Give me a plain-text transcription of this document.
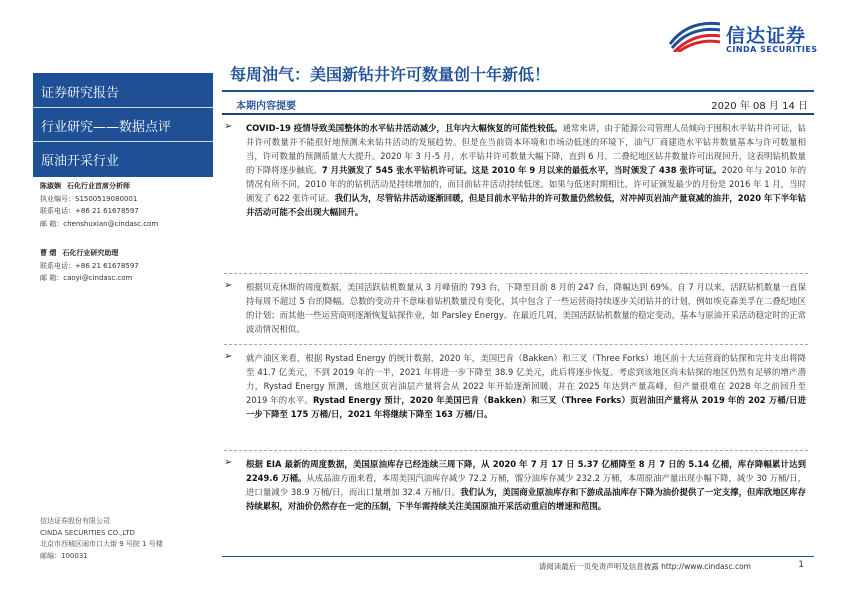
信达证券
CINDA SECURITIES
证券研究报告
行业研究——数据点评
原油开采行业
陈淑娴 石化行业首席分析师
执业编号：S1500519080001
联系电话：+86 21 61678597
邮 箱：chenshuxian@cindasc.com
曹 熠 石化行业研究助理
联系电话：+86 21 61678597
邮 箱：caoyi@cindasc.com
信达证券股份有限公司
CINDA SECURITIES CO.,LTD
北京市西城区闹市口大街 9 号院 1 号楼
邮编：100031
每周油气：美国新钻井许可数量创十年新低！
本期内容提要	2020 年 08 月 14 日
➢ COVID-19 疫情导致美国整体的水平钻井活动减少，且年内大幅恢复的可能性较低。通常来讲，由于能源公司管理人员倾向于囤积水平钻井许可证，钻井许可数量并不能很好地预测未来钻井活动的发展趋势。但是在当前资本环境和市场动低迷的环境下，油气厂商建造水平钻井数量基本与许可数量相当，许可数量的预测质量大大提升。2020 年 3 月-5 月，水平钻井许可数量大幅下降，直到 6 月，二叠纪地区钻井数量许可出现回升，这表明钻机数量的下降将逐步触底。7 月共颁发了 545 张水平钻机许可证。这是 2010 年 9 月以来的最低水平，当时颁发了 438 张许可证。2020 年与 2010 年的情况有所不同，2010 年的的钻机活动是持续增加的，而目前钻井活动持续低迷。如果与低迷时期相比，许可证颁发最少的月份是 2016 年 1 月，当时颁发了 622 张许可证。我们认为，尽管钻井活动逐渐回暖，但是目前水平钻井的许可数量仍然较低，对冲掉页岩油产量衰减的油井，2020 年下半年钻井活动可能不会出现大幅回升。
➢ 根据贝克休斯的周度数据，美国活跃钻机数量从 3 月峰值的 793 台，下降至目前 8 月的 247 台，降幅达到 69%。自 7 月以来，活跃钻机数量一直保持每周不超过 5 台的降幅。总数的变动并不意味着钻机数量没有变化，其中包含了一些运营商持续逐步关闭钻井的计划，例如埃克森美孚在二叠纪地区的计划；而其他一些运营商则逐渐恢复钻探作业，如 Parsley Energy。在最近几周，美国活跃钻机数量的稳定变动，基本与原油开采活动稳定时的正常波动情况相似。
➢ 就产油区来看，根据 Rystad Energy 的统计数据，2020 年，美国巴肯（Bakken）和三叉（Three Forks）地区前十大运营商的钻探和完井支出将降至 41.7 亿美元，不到 2019 年的一半，2021 年将进一步下降至 38.9 亿美元，此后将逐步恢复。考虑到该地区尚未钻探的地区仍然有足够的增产潜力，Rystad Energy 预测，该地区页岩油层产量将会从 2022 年开始逐渐回暖，并在 2025 年达到产量高峰，但产量很难在 2028 年之前回升至 2019 年的水平。Rystad Energy 预计，2020 年美国巴肯（Bakken）和三叉（Three Forks）页岩油田产量将从 2019 年的 202 万桶/日进一步下降至 175 万桶/日，2021 年将继续下降至 163 万桶/日。
➢ 根据 EIA 最新的周度数据，美国原油库存已经连续三周下降，从 2020 年 7 月 17 日 5.37 亿桶降至 8 月 7 日的 5.14 亿桶，库存降幅累计达到 2249.6 万桶。从成品油方面来看，本周美国汽油库存减少 72.2 万桶，馏分油库存减少 232.2 万桶，本周原油产量出现小幅下降，减少 30 万桶/日，进口量减少 38.9 万桶/日，而出口量增加 32.4 万桶/日。我们认为，美国商业原油库存和下游成品油库存下降为油价提供了一定支撑，但库欣地区库存持续累积，对油价仍然存在一定的压制，下半年需持续关注美国原油开采活动重启的增速和范围。
请阅读最后一页免责声明及信息披露 http://www.cindasc.com	1
